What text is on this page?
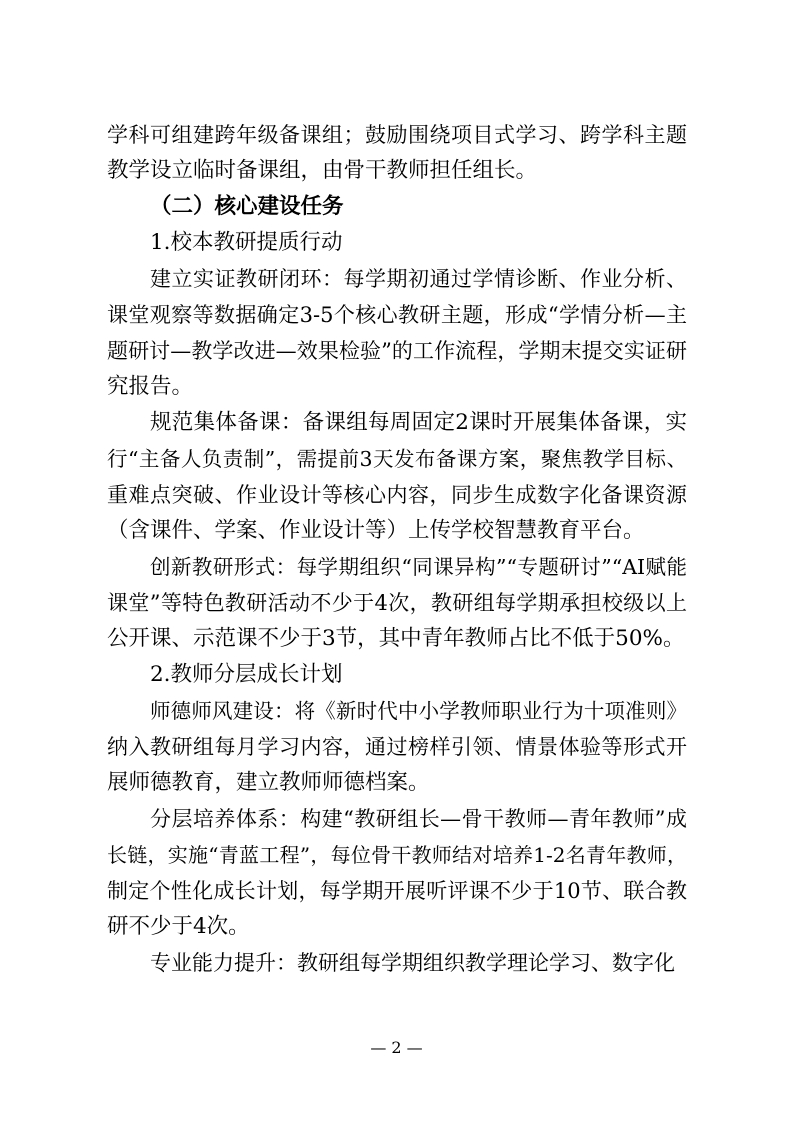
学科可组建跨年级备课组；鼓励围绕项目式学习、跨学科主题
教学设立临时备课组，由骨干教师担任组长。
（二）核心建设任务
1.校本教研提质行动
建立实证教研闭环：每学期初通过学情诊断、作业分析、
课堂观察等数据确定3-5个核心教研主题，形成“学情分析—主
题研讨—教学改进—效果检验”的工作流程，学期末提交实证研
究报告。
规范集体备课：备课组每周固定2课时开展集体备课，实
行“主备人负责制”，需提前3天发布备课方案，聚焦教学目标、
重难点突破、作业设计等核心内容，同步生成数字化备课资源
（含课件、学案、作业设计等）上传学校智慧教育平台。
创新教研形式：每学期组织“同课异构”“专题研讨”“AI赋能
课堂”等特色教研活动不少于4次，教研组每学期承担校级以上
公开课、示范课不少于3节，其中青年教师占比不低于50%。
2.教师分层成长计划
师德师风建设：将《新时代中小学教师职业行为十项准则》
纳入教研组每月学习内容，通过榜样引领、情景体验等形式开
展师德教育，建立教师师德档案。
分层培养体系：构建“教研组长—骨干教师—青年教师”成
长链，实施“青蓝工程”，每位骨干教师结对培养1-2名青年教师，
制定个性化成长计划，每学期开展听评课不少于10节、联合教
研不少于4次。
专业能力提升：教研组每学期组织教学理论学习、数字化
— 2 —
